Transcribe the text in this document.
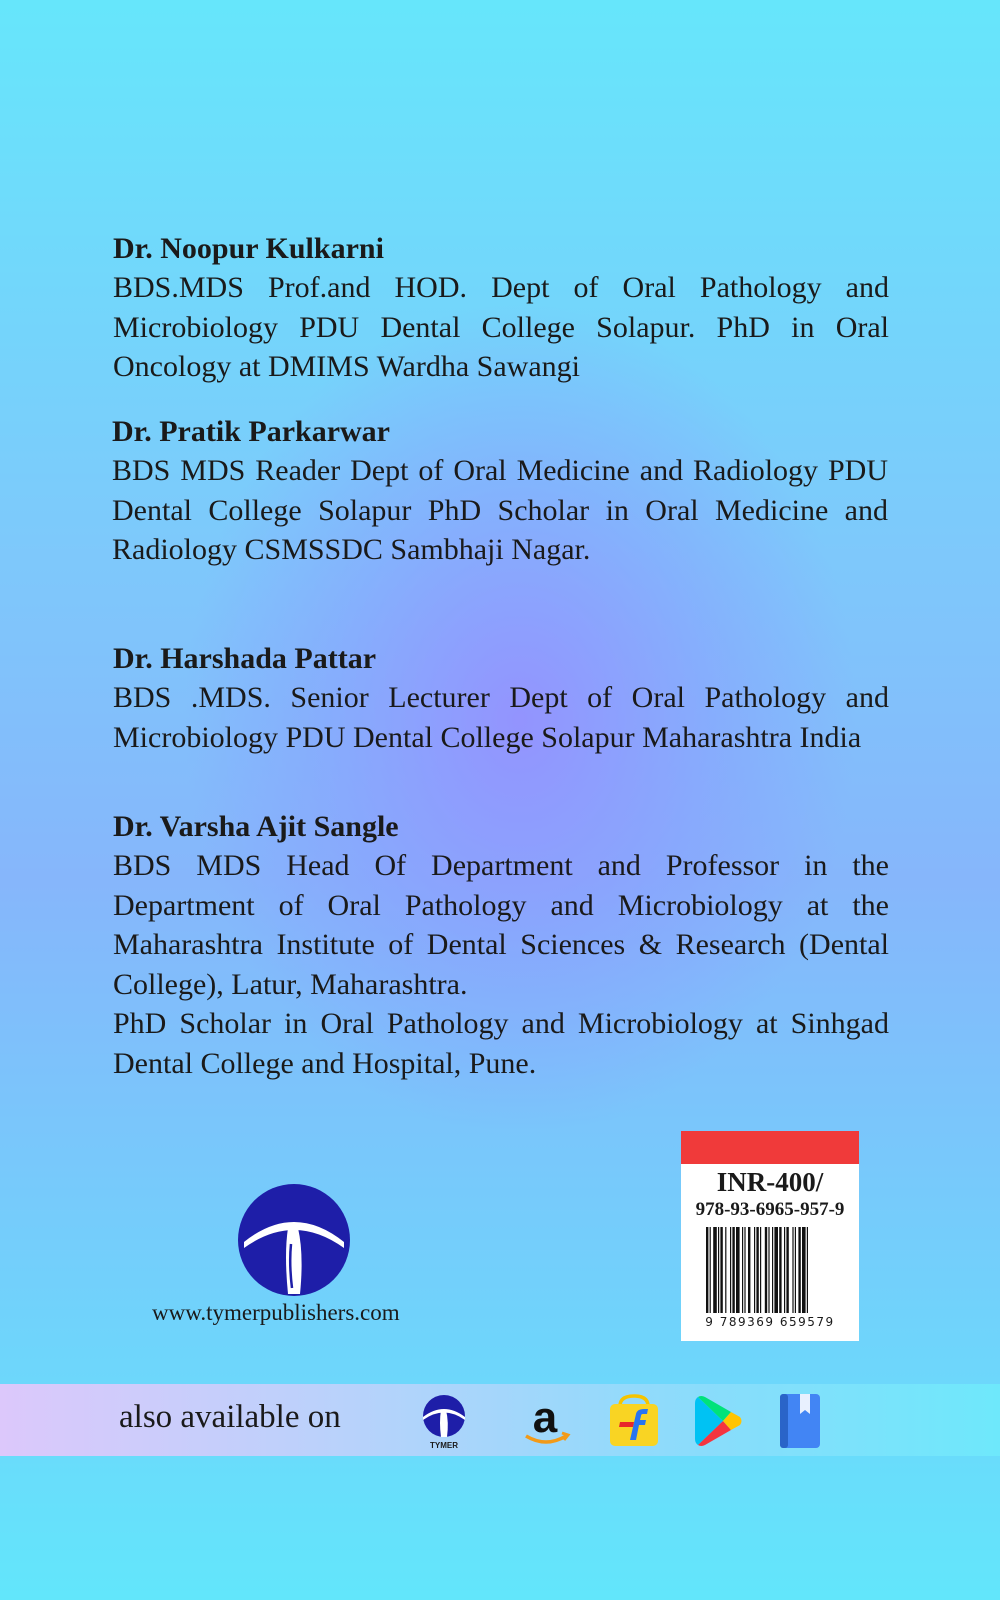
Dr. Noopur Kulkarni

BDS.MDS Prof.and HOD. Dept of Oral Pathology and Microbiology PDU Dental College Solapur. PhD in Oral Oncology at DMIMS Wardha Sawangi

Dr. Pratik Parkarwar

BDS MDS Reader Dept of Oral Medicine and Radiology PDU Dental College Solapur PhD Scholar in Oral Medicine and Radiology CSMSSDC Sambhaji Nagar.

Dr. Harshada Pattar

BDS .MDS. Senior Lecturer Dept of Oral Pathology and Microbiology PDU Dental College Solapur Maharashtra India

Dr. Varsha Ajit Sangle

BDS MDS Head Of Department and Professor in the Department of Oral Pathology and Microbiology at the Maharashtra Institute of Dental Sciences & Research (Dental College), Latur, Maharashtra.

PhD Scholar in Oral Pathology and Microbiology at Sinhgad Dental College and Hospital, Pune.

www.tymerpublishers.com
INR-400/
978-93-6965-957-9
9 789369 659579
also available on
TYMER
a
